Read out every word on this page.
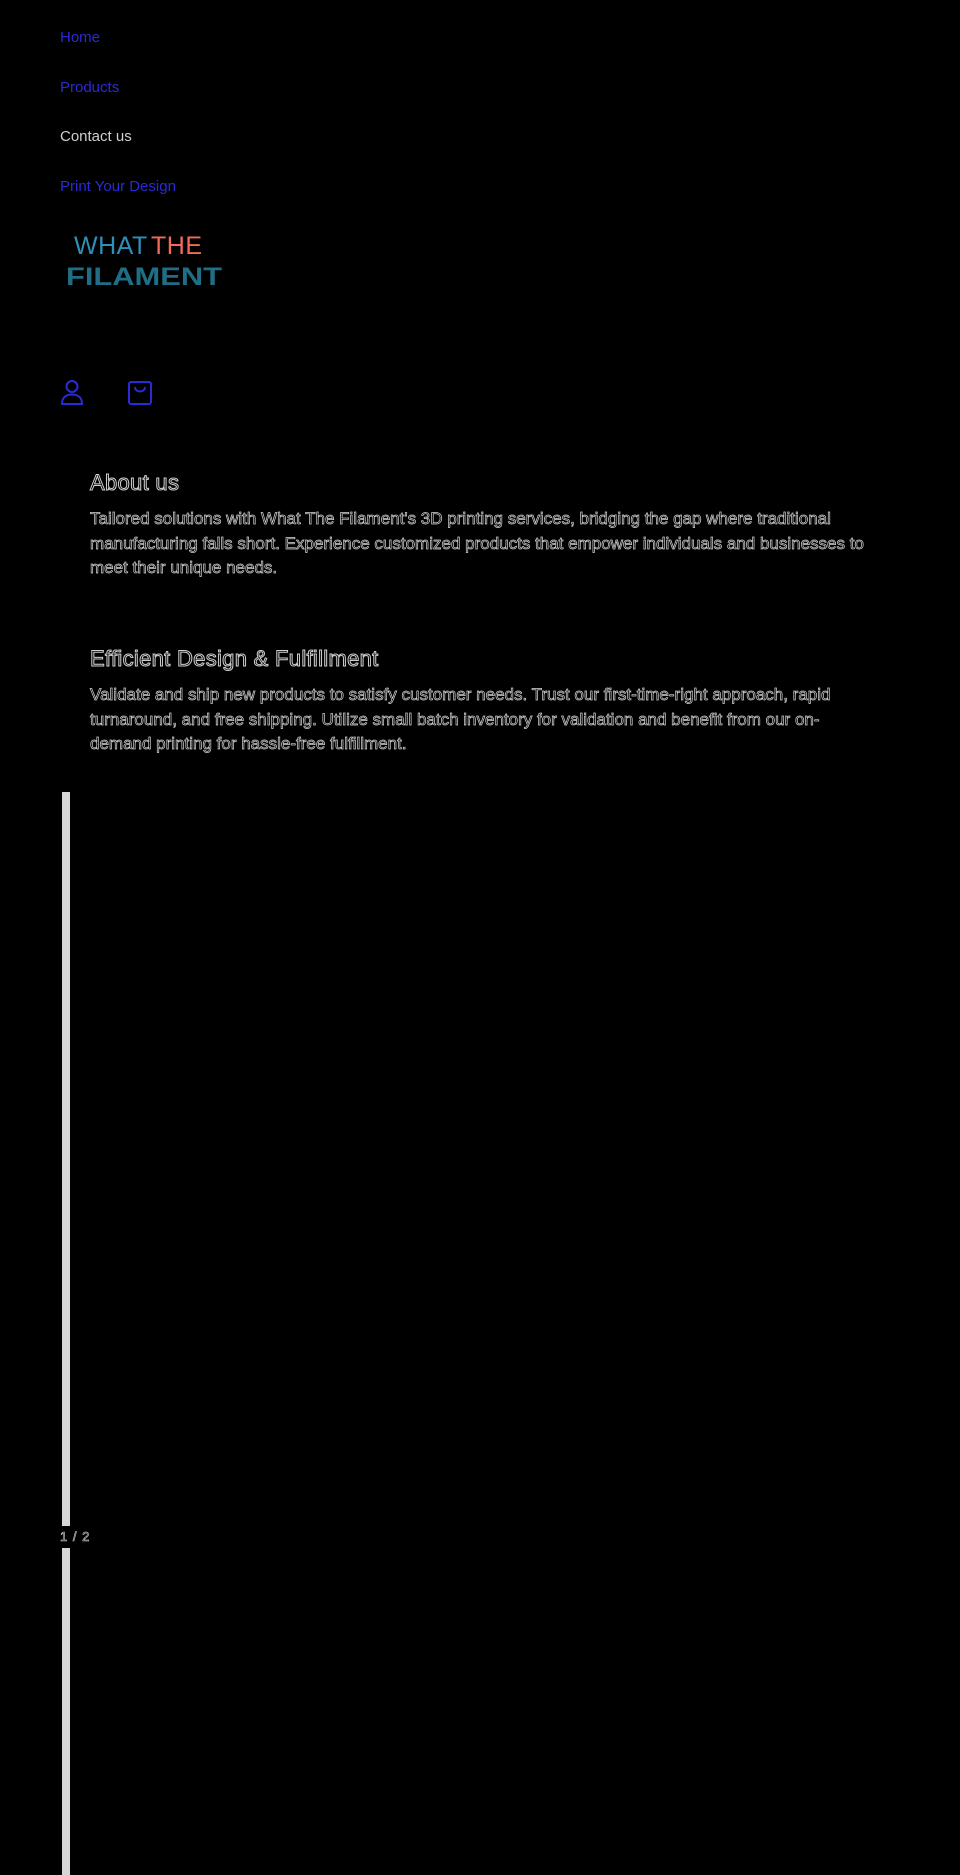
Home
Products
Contact us
Print Your Design
WHAT THE
FILAMENT
About us

Tailored solutions with What The Filament's 3D printing services, bridging the gap where traditional manufacturing falls short. Experience customized products that empower individuals and businesses to meet their unique needs.

Efficient Design & Fulfillment

Validate and ship new products to satisfy customer needs. Trust our first-time-right approach, rapid turnaround, and free shipping. Utilize small batch inventory for validation and benefit from our on-demand printing for hassle-free fulfillment.

1 / 2
